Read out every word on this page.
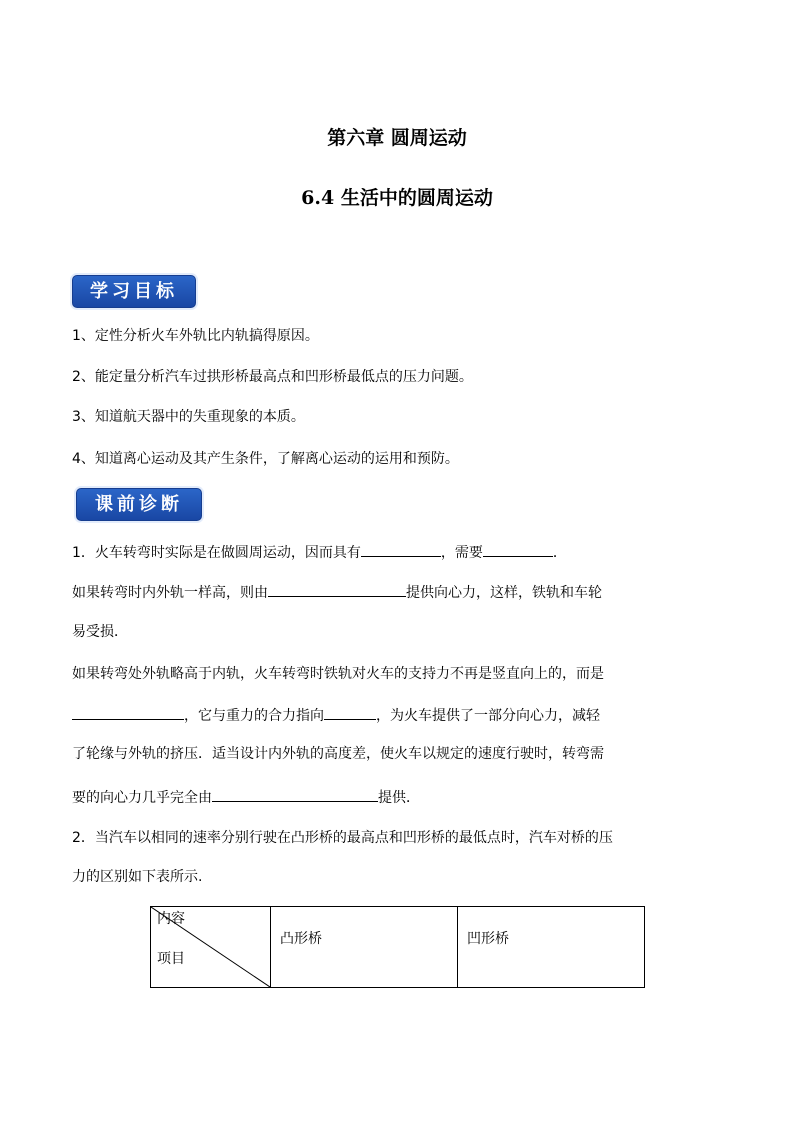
第六章 圆周运动
6.4 生活中的圆周运动
学习目标
1、定性分析火车外轨比内轨搞得原因。
2、能定量分析汽车过拱形桥最高点和凹形桥最低点的压力问题。
3、知道航天器中的失重现象的本质。
4、知道离心运动及其产生条件，了解离心运动的运用和预防。
课前诊断
1．火车转弯时实际是在做圆周运动，因而具有	，需要	．
如果转弯时内外轨一样高，则由	提供向心力，这样，铁轨和车轮
易受损．
如果转弯处外轨略高于内轨，火车转弯时铁轨对火车的支持力不再是竖直向上的，而是
，它与重力的合力指向	，为火车提供了一部分向心力，减轻
了轮缘与外轨的挤压．适当设计内外轨的高度差，使火车以规定的速度行驶时，转弯需
要的向心力几乎完全由	提供．
2．当汽车以相同的速率分别行驶在凸形桥的最高点和凹形桥的最低点时，汽车对桥的压
力的区别如下表所示.
内容
项目

凸形桥	凹形桥
